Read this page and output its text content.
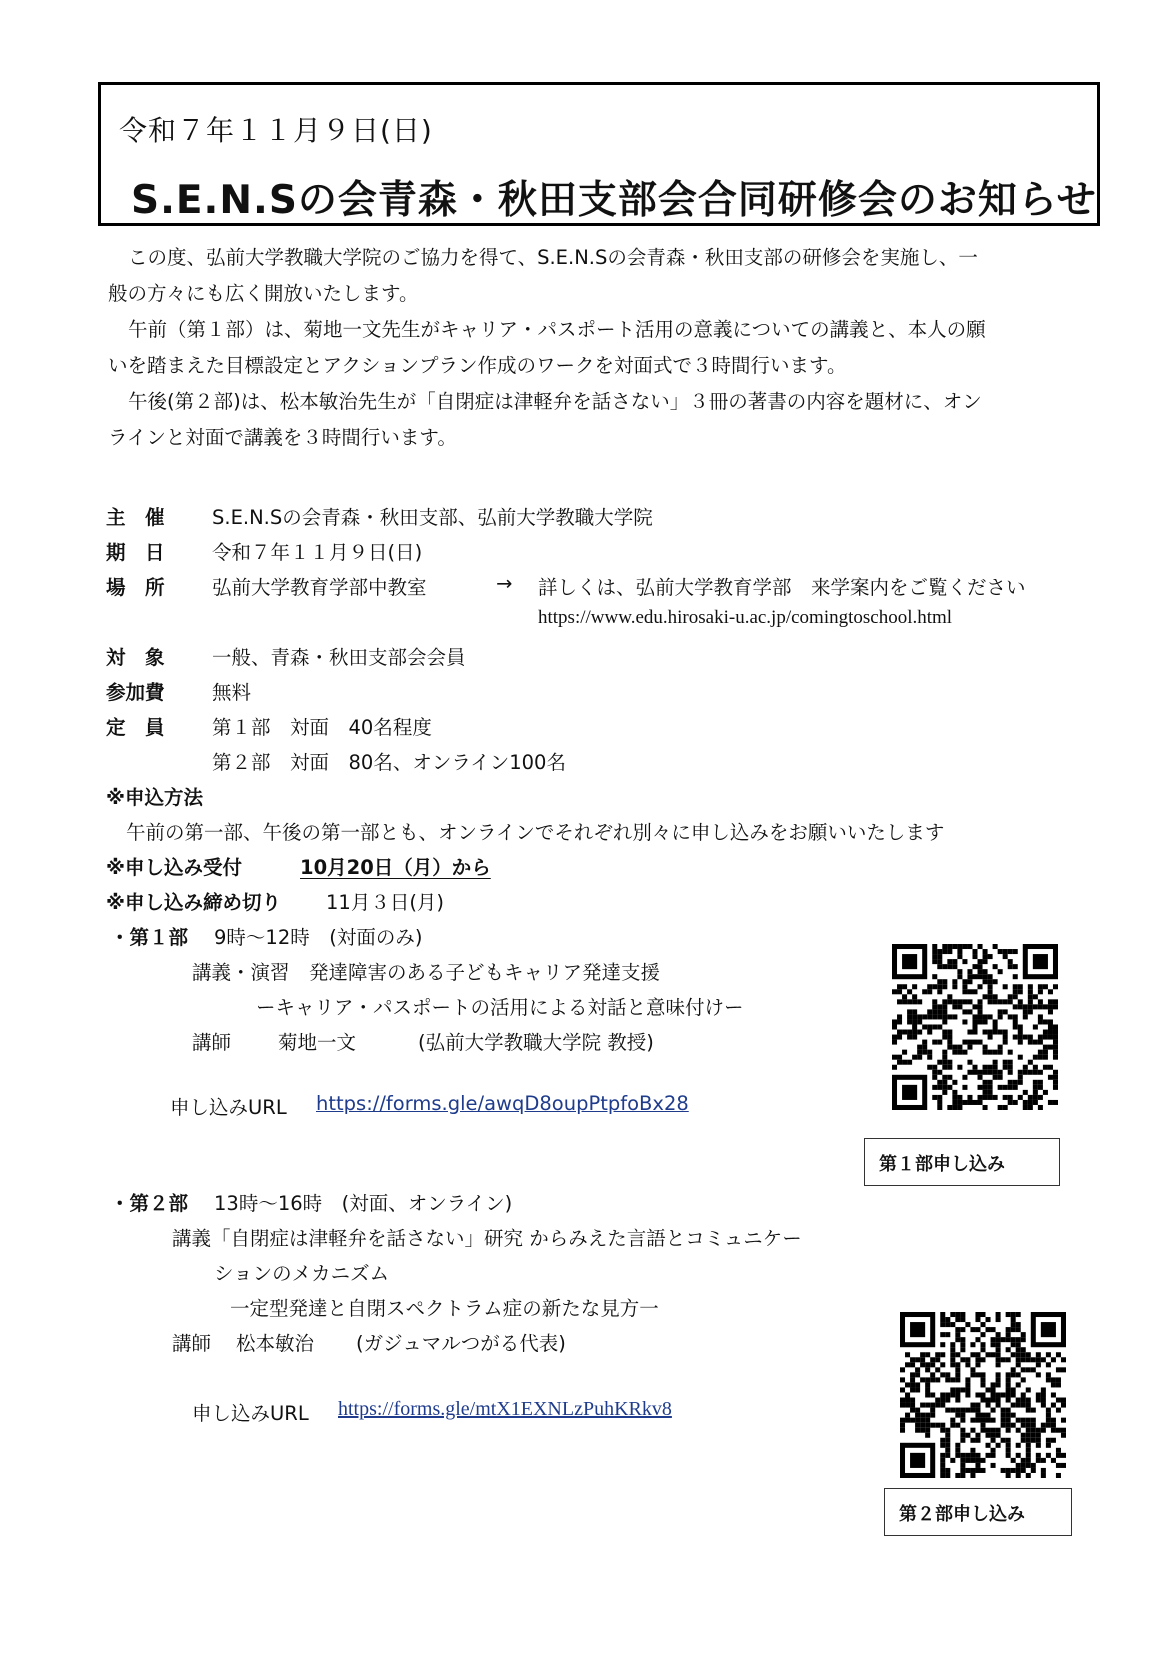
令和７年１１月９日(日)
S.E.N.Sの会青森・秋田支部会合同研修会のお知らせ
この度、弘前大学教職大学院のご協力を得て、S.E.N.Sの会青森・秋田支部の研修会を実施し、一
般の方々にも広く開放いたします。
午前（第１部）は、菊地一文先生がキャリア・パスポート活用の意義についての講義と、本人の願
いを踏まえた目標設定とアクションプラン作成のワークを対面式で３時間行います。
午後(第２部)は、松本敏治先生が「自閉症は津軽弁を話さない」３冊の著書の内容を題材に、オン
ラインと対面で講義を３時間行います。
主　催 S.E.N.Sの会青森・秋田支部、弘前大学教職大学院
期　日 令和７年１１月９日(日)
場　所 弘前大学教育学部中教室	→ 詳しくは、弘前大学教育学部　来学案内をご覧ください
https://www.edu.hirosaki-u.ac.jp/comingtoschool.html
対　象 一般、青森・秋田支部会会員
参加費 無料
定　員 第１部　対面　40名程度
第２部　対面　80名、オンライン100名
※申込方法
午前の第一部、午後の第一部とも、オンラインでそれぞれ別々に申し込みをお願いいたします
※申し込み受付	10月20日（月）から
※申し込み締め切り 11月３日(月)
・第１部 9時～12時　(対面のみ)
講義・演習　発達障害のある子どもキャリア発達支援
ーキャリア・パスポートの活用による対話と意味付けー
講師 菊地一文	(弘前大学教職大学院 教授)
申し込みURL https://forms.gle/awqD8oupPtpfoBx28
第１部申し込み
・第２部 13時～16時　(対面、オンライン)
講義「自閉症は津軽弁を話さない」研究 からみえた言語とコミュニケー
ションのメカニズム
一定型発達と自閉スペクトラム症の新たな見方一
講師 松本敏治 (ガジュマルつがる代表)
申し込みURL https://forms.gle/mtX1EXNLzPuhKRkv8
第２部申し込み
